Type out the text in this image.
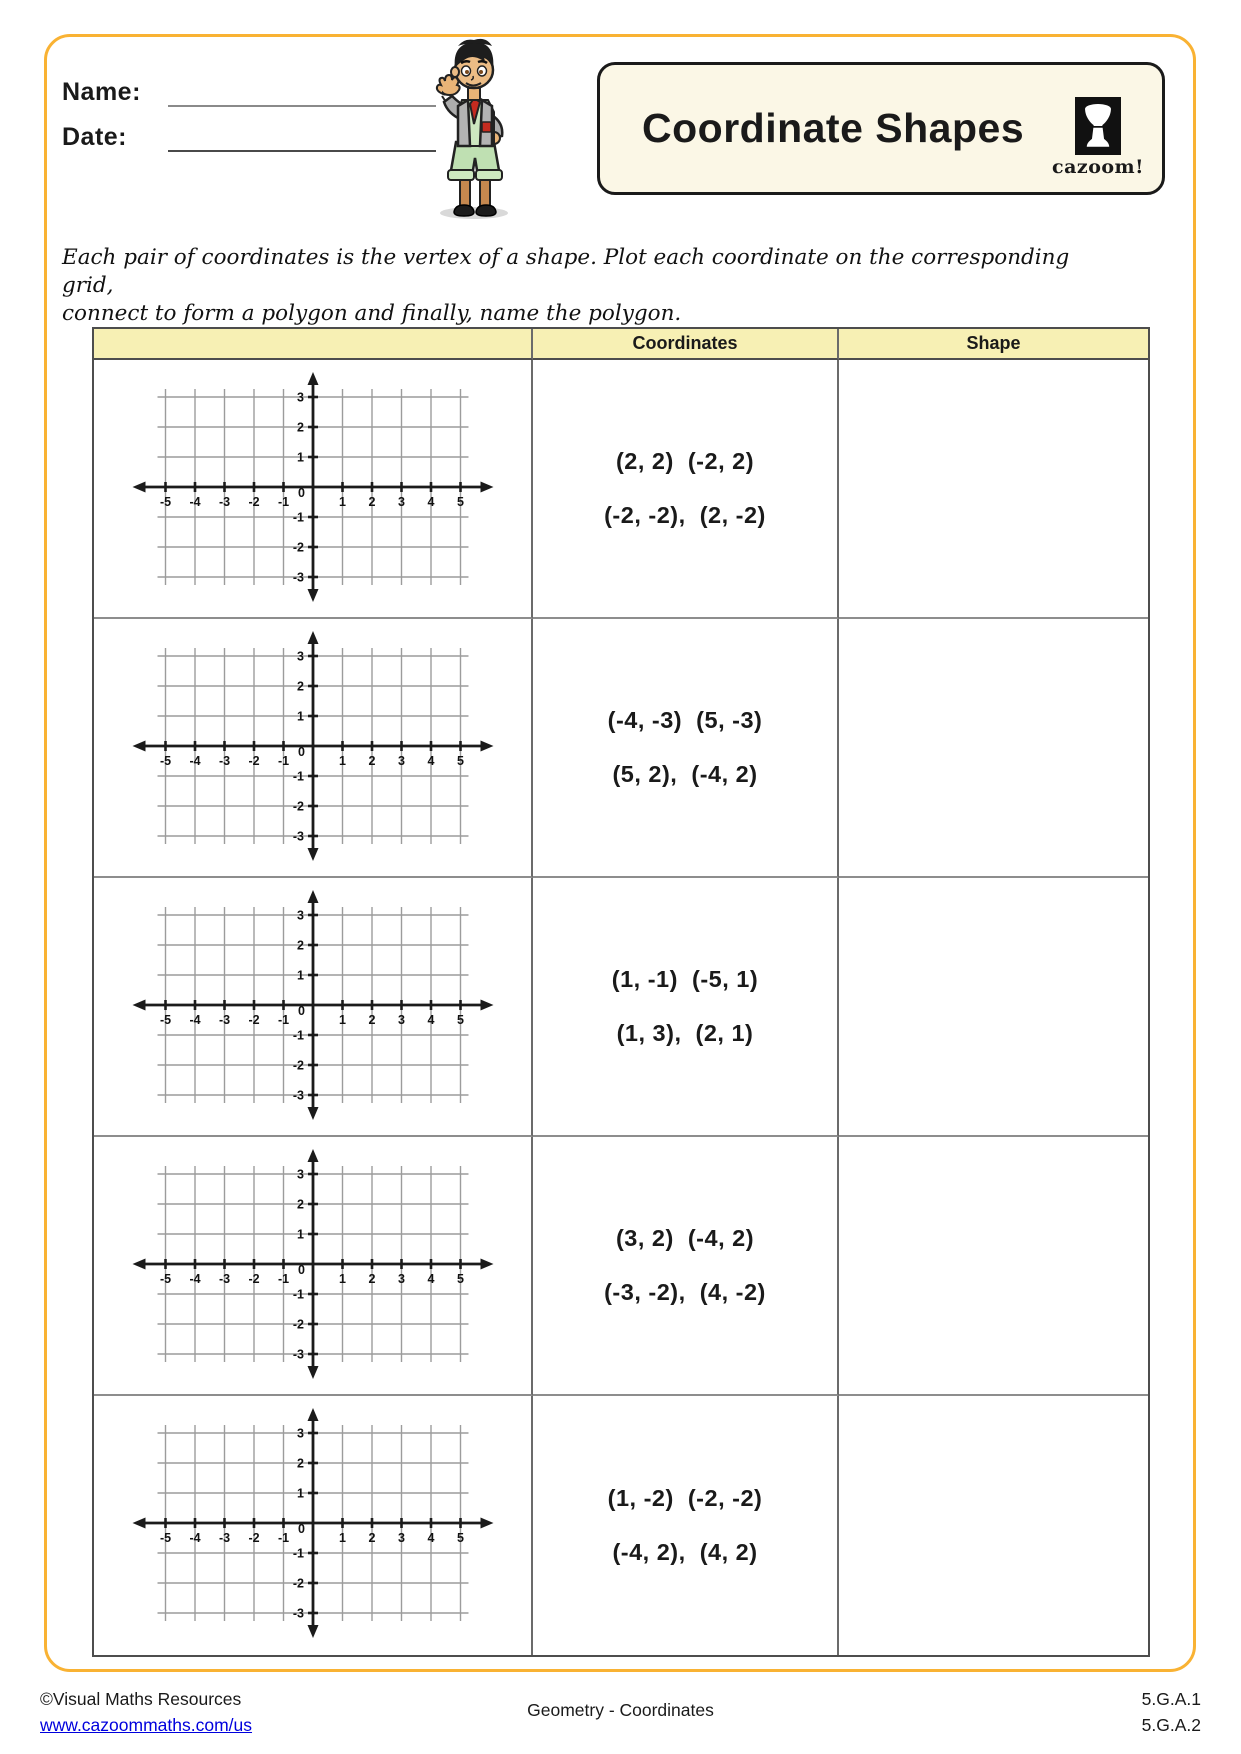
Name:
Date:	Coordinate Shapes
cazoom!
Each pair of coordinates is the vertex of a shape. Plot each coordinate on the corresponding grid,
connect to form a polygon and finally, name the polygon.
Coordinates	Shape
-5 -4 -3 -2 -1	1 2 3 4 5
-3
-2
-1
1
2
3
0
(2, 2)  (-2, 2)
(-2, -2),  (2, -2)
-5 -4 -3 -2 -1	1 2 3 4 5
-3
-2
-1
1
2
3
0
(-4, -3)  (5, -3)
(5, 2),  (-4, 2)
-5 -4 -3 -2 -1	1 2 3 4 5
-3
-2
-1
1
2
3
0
(1, -1)  (-5, 1)
(1, 3),  (2, 1)
-5 -4 -3 -2 -1	1 2 3 4 5
-3
-2
-1
1
2
3
0
(3, 2)  (-4, 2)
(-3, -2),  (4, -2)
-5 -4 -3 -2 -1	1 2 3 4 5
-3
-2
-1
1
2
3
0
(1, -2)  (-2, -2)
(-4, 2),  (4, 2)
©Visual Maths Resources
www.cazoommaths.com/us
Geometry - Coordinates
5.G.A.1
5.G.A.2
